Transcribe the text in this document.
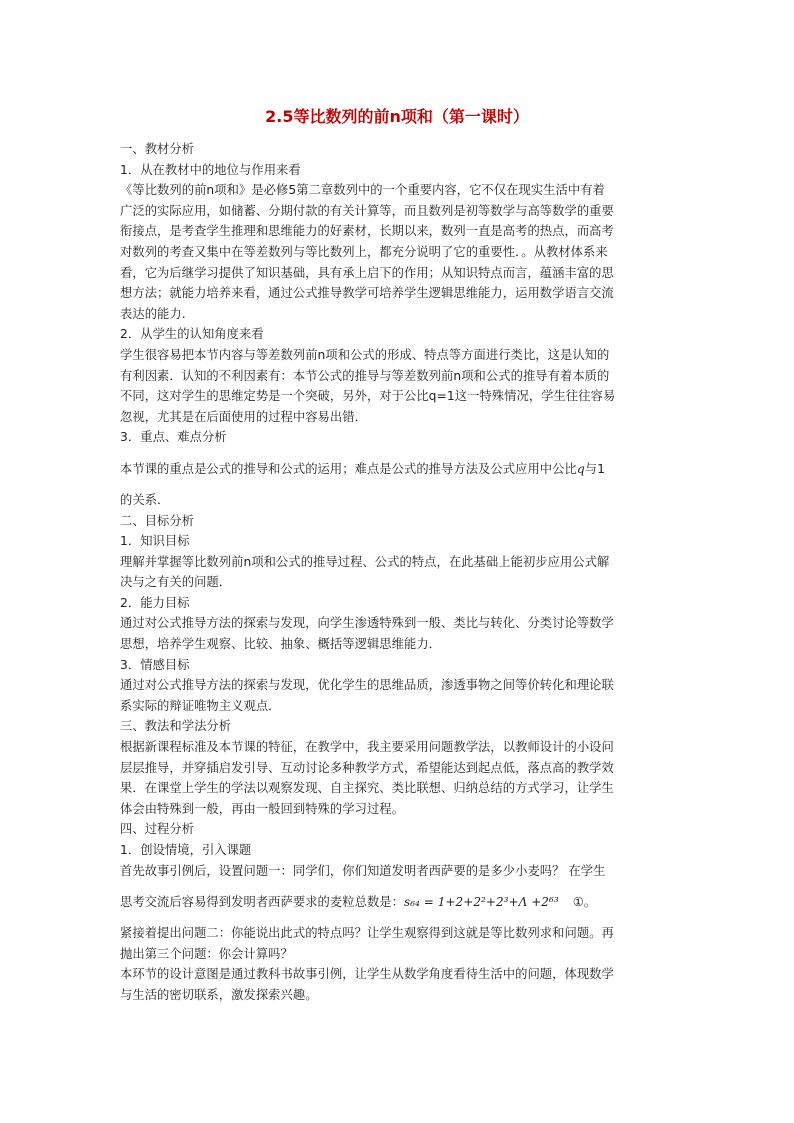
2.5等比数列的前n项和（第一课时）
一、教材分析
1．从在教材中的地位与作用来看
《等比数列的前n项和》是必修5第二章数列中的一个重要内容，它不仅在现实生活中有着
广泛的实际应用，如储蓄、分期付款的有关计算等，而且数列是初等数学与高等数学的重要
衔接点，是考查学生推理和思维能力的好素材，长期以来，数列一直是高考的热点，而高考
对数列的考查又集中在等差数列与等比数列上，都充分说明了它的重要性．。从教材体系来
看，它为后继学习提供了知识基础，具有承上启下的作用；从知识特点而言，蕴涵丰富的思
想方法；就能力培养来看，通过公式推导教学可培养学生逻辑思维能力，运用数学语言交流
表达的能力.
2．从学生的认知角度来看
学生很容易把本节内容与等差数列前n项和公式的形成、特点等方面进行类比，这是认知的
有利因素．认知的不利因素有：本节公式的推导与等差数列前n项和公式的推导有着本质的
不同，这对学生的思维定势是一个突破，另外，对于公比q=1这一特殊情况，学生往往容易
忽视，尤其是在后面使用的过程中容易出错．
3．重点、难点分析
本节课的重点是公式的推导和公式的运用；难点是公式的推导方法及公式应用中公比q与1
的关系．
二、目标分析
1．知识目标
理解并掌握等比数列前n项和公式的推导过程、公式的特点，在此基础上能初步应用公式解
决与之有关的问题．
2．能力目标
通过对公式推导方法的探索与发现，向学生渗透特殊到一般、类比与转化、分类讨论等数学
思想，培养学生观察、比较、抽象、概括等逻辑思维能力．
3．情感目标
通过对公式推导方法的探索与发现，优化学生的思维品质，渗透事物之间等价转化和理论联
系实际的辩证唯物主义观点．
三、教法和学法分析
根据新课程标准及本节课的特征，在教学中，我主要采用问题教学法，以教师设计的小设问
层层推导，并穿插启发引导、互动讨论多种教学方式，希望能达到起点低，落点高的教学效
果．在课堂上学生的学法以观察发现、自主探究、类比联想、归纳总结的方式学习，让学生
体会由特殊到一般，再由一般回到特殊的学习过程。
四、过程分析
1．创设情境，引入课题
首先故事引例后，设置问题一：同学们，你们知道发明者西萨要的是多少小麦吗？ 在学生
思考交流后容易得到发明者西萨要求的麦粒总数是：s₆₄ = 1+2+2²+2³+Λ +2⁶³ ①。
紧接着提出问题二：你能说出此式的特点吗？让学生观察得到这就是等比数列求和问题。再
抛出第三个问题：你会计算吗？
本环节的设计意图是通过教科书故事引例，让学生从数学角度看待生活中的问题，体现数学
与生活的密切联系，激发探索兴趣。
